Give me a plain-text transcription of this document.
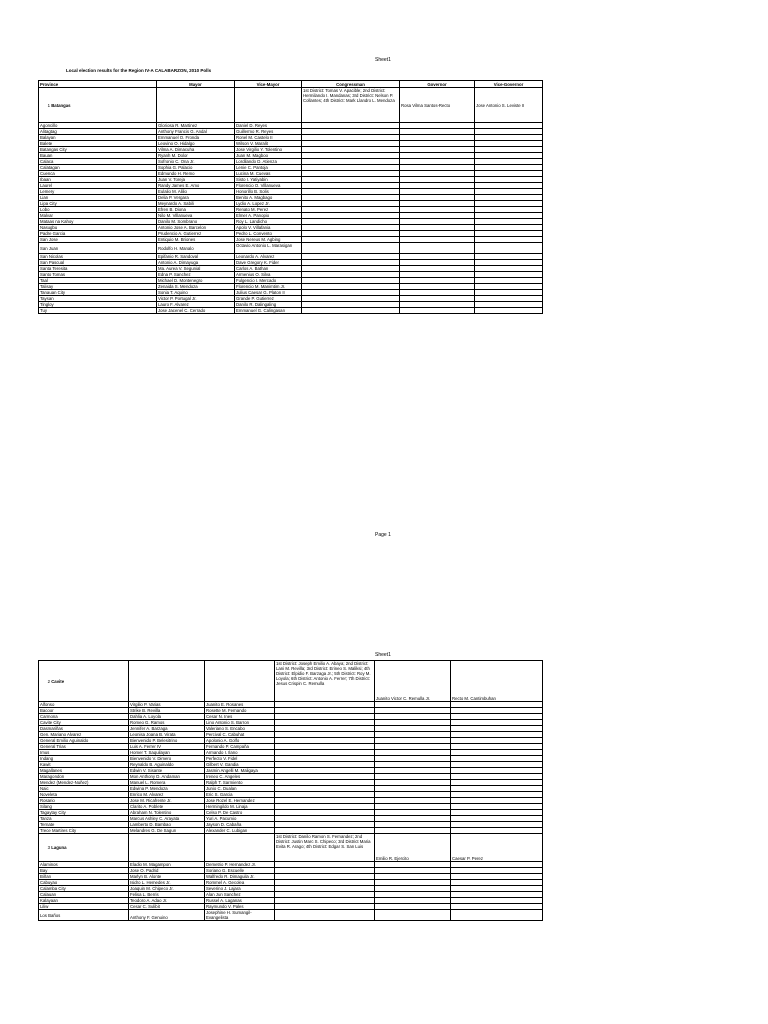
Sheet1
Local election results for the Region IV-A CALABARZON, 2010 Polls
Province	Mayor	Vice-Mayor	Congressman	Governor	Vice-Governor
1 Batangas			1st District: Tomas V. Apacible; 2nd District: Hermilando I. Mandanas; 3rd District: Nelson P. Collantes; 4th District: Mark Llandro L. Mendoza	Rosa Vilma Santos-Recto	Jose Antonio S. Leviste II
Agoncillo	Gloriosa R. Martinez	Daniel D. Reyes			
Alitagtag	Anthony Francis G. Andal	Guillermo R. Reyes			
Balayan	Emmanuel O. Fronda	Ronel M. Castelo II			
Balete	Leovino O. Hidalgo	Wilson V. Maralit			
Batangas City	Vilma A. Dimacuha	Jose Virgilio Y. Tolentino			
Bauan	Ryanh M. Dolor	Juan M. Magboo			
Calaca	Sofronio C. Ona Jr.	Lordilando D. Atienza			
Calatagan	Sophia G. Palacio	Lenie C. Pantoja			
Cuenca	Edmundo H. Remo	Lucina M. Cuevas			
Ibaan	Juan V. Toreja	Sisto I. Yatiyabin			
Laurel	Randy James E. Amo	Florencio O. Villanueva			
Lemery	Eulalio M. Alilio	Honorillo B. Solis			
Lian	Delia P. Vergara	Benito A. Magbago			
Lipa City	Meynardo A. Sabili	Lydio A. Lopez Jr.			
Lobo	Efren B. Diona	Renato M. Perez			
Malvar	Nilo M. Villanueva	Elmer A. Panopio			
Mataas na Kahoy	Danilo M. Sombrano	Roy L. Landicho			
Nasugbu	Antonio Jose A. Barcelon	Apolo V. Villafania			
Padre Garcia	Prudencio A. Gutierrez	Pedro L. Convento			
San Jose	Entiquio M. Briones	Jose Nereus M. Agbing			
San Juan	Rodolfo H. Manalo	Octavio Antonio L. Marasigan			
San Nicolas	Epifanio R. Sandoval	Leonardo A. Alvarez			
San Pascual	Antonio A. Dimayuga	Dave Gregory K. Fider			
Santa Teresita	Ma. Aurea V. Segunial	Carlos A. Bathan			
Santo Tomas	Edna P. Sanchez	Armenius O. Silva			
Taal	Michael D. Montenegro	Fulgencio I. Mercado			
Talisay	Zenaida S. Mendoza	Florencio M. Manimtim Jr.			
Tanauan City	Sonia T. Aquino	Julius Caesar G. Platon II			
Taysan	Victor P. Portugal Jr.	Grande P. Gutierrez			
Tingloy	Lauro F. Alvarez	Danilo R. Dalingaling			
Tuy	Jose Jacenel C. Cerrado	Emmanuel G. Calingasan			
Page 1
Sheet1
2 Cavite			1st District: Joseph Emilio A. Abaya; 2nd District: Lani M. Revilla; 3rd District: Erineo S. Maliksi; 4th District: Elpidio F. Barzaga Jr.; 5th District: Roy M. Loyola; 6th District: Antonio A. Ferrer; 7th District: Jesus Crispin C. Remulla	Juanito Victor C. Remulla Jr.	Recto M. Cantimbuhan
Alfonso	Virgilio P. Varias	Juanito E. Rosanes			
Bacoor	Strike B. Revilla	Rosette M. Fernando			
Carmona	Dahlia A. Loyola	Cesar N. Ines			
Cavite City	Romeo G. Ramos	Lino Antonio S. Barron			
Dasmariñas	Jennifer A. Barzaga	Valeriano S. Encabo			
Gen. Mariano Alvarez	Leonisa Joana B. Virata	Percival C. Cabuhat			
General Emilio Aguinaldo	Bienvenido P. Belesitrino	Apolonio A. Golfo			
General Trias	Luis A. Ferrer IV	Fernando P. Campaña			
Imus	Homer T. Saquilayan	Armando I. Ilano			
Indang	Bienvenido V. Dimero	Perfecto V. Fidel			
Kawit	Reynaldo B. Aguinaldo	Gilbert V. Gandia			
Magallanes	Edwin V. Sisante	Jasmin Angelli M. Maligaya			
Maragondon	Mon Anthony D. Andaman	Ireneo C. Angeles			
Mendez (Mendez-Nuñez)	Manuel L. Romera	Ralph T. Sarmiento			
Naic	Edwina P. Mendoza	Junio C. Dualan			
Noveleta	Enrico M. Alvarez	Eric S. Garcia			
Rosario	Jose M. Ricafrente Jr.	Jose Rozel E. Hernandez			
Silang	Clarito A. Poblete	Hermingildo M. Linaja			
Tagaytay City	Abraham N. Tolentino	Celso P. De Castro			
Tanza	Marcus Ashley C. Arayata	Yuri A. Pacumio			
Ternate	Lamberto D. Bambao	Jayson D. Cabaña			
Trece Martires City	Melandres G. De Sagun	Alexander C. Lubigan			
3 Laguna			1st District: Danilo Ramon S. Fernandez; 2nd District: Justin Marc S. Chipeco; 3rd District Maria Evita R. Arago; 4th District: Edgar S. San Luis	Emilio R. Ejercito	Caesar P. Perez
Alaminos	Eladio M. Magampon	Demetrio P. Hernandez Jr.			
Bay	Jose O. Padrid	Soriano G. Escuelle			
Biñan	Marlyn B. Alonte	Walfredo R. Dimaguila Jr.			
Cabuyao	Isidro L. Hemedes Jr.	Rommel A. Gecolea			
Calamba City	Joaquin M. Chipeco Jr.	Severino J. Lajara			
Calauan	Felisa L. Berris	Alan Jun Sanchez			
Kalayaan	Teodoro A. Adao Jr.	Russel A. Laganas			
Liliw	Cesar C. Sulibit	Raymundo V. Pales			
Los Baños	Anthony F. Genuino	Josephine H. Sumangil-Evangelista			
